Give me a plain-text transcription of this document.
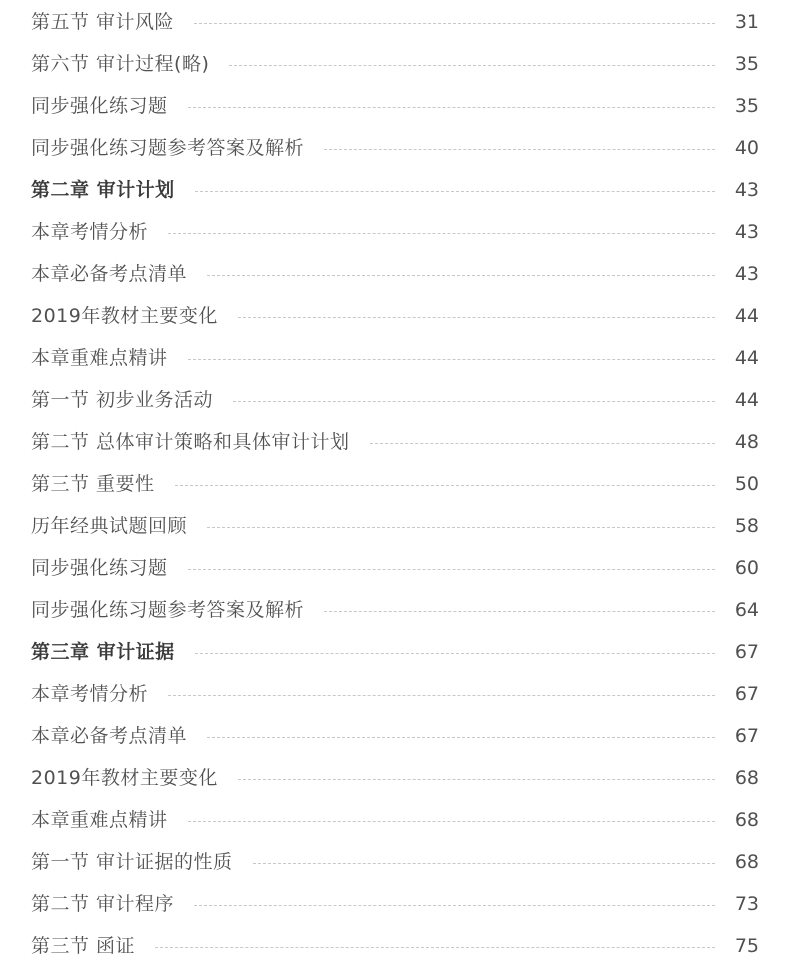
第五节 审计风险	31
第六节 审计过程(略)	35
同步强化练习题	35
同步强化练习题参考答案及解析	40
第二章 审计计划	43
本章考情分析	43
本章必备考点清单	43
2019年教材主要变化	44
本章重难点精讲	44
第一节 初步业务活动	44
第二节 总体审计策略和具体审计计划	48
第三节 重要性	50
历年经典试题回顾	58
同步强化练习题	60
同步强化练习题参考答案及解析	64
第三章 审计证据	67
本章考情分析	67
本章必备考点清单	67
2019年教材主要变化	68
本章重难点精讲	68
第一节 审计证据的性质	68
第二节 审计程序	73
第三节 函证	75
